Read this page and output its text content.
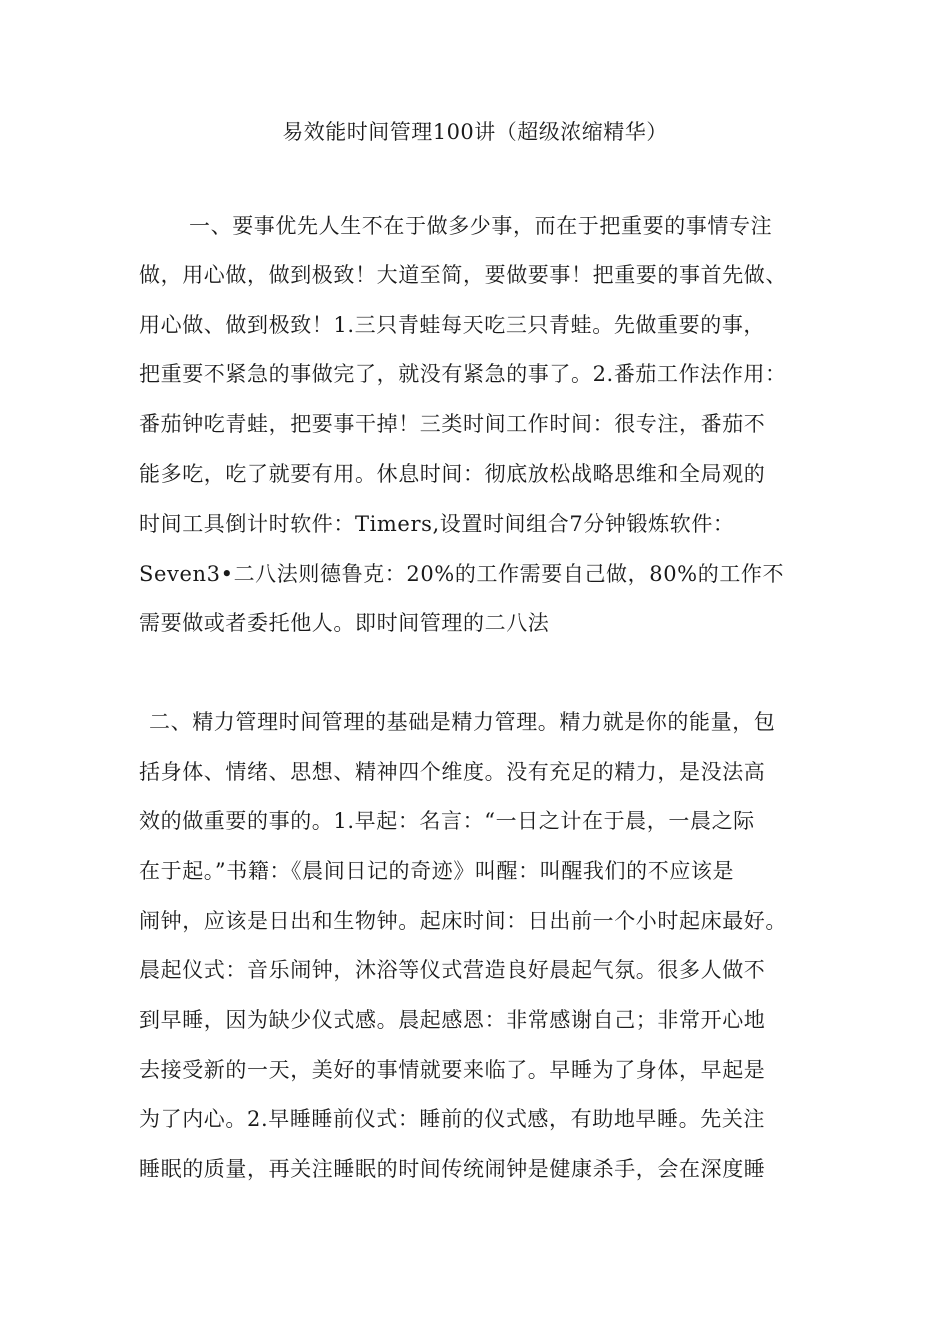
易效能时间管理100讲（超级浓缩精华）
一、要事优先人生不在于做多少事，而在于把重要的事情专注
做，用心做，做到极致！大道至简，要做要事！把重要的事首先做、
用心做、做到极致！1.三只青蛙每天吃三只青蛙。先做重要的事，
把重要不紧急的事做完了，就没有紧急的事了。2.番茄工作法作用：
番茄钟吃青蛙，把要事干掉！三类时间工作时间：很专注，番茄不
能多吃，吃了就要有用。休息时间：彻底放松战略思维和全局观的
时间工具倒计时软件：Timers,设置时间组合7分钟锻炼软件：
Seven3•二八法则德鲁克：20%的工作需要自己做，80%的工作不
需要做或者委托他人。即时间管理的二八法
二、精力管理时间管理的基础是精力管理。精力就是你的能量，包
括身体、情绪、思想、精神四个维度。没有充足的精力，是没法高
效的做重要的事的。1.早起：名言：“一日之计在于晨，一晨之际
在于起。”书籍：《晨间日记的奇迹》叫醒：叫醒我们的不应该是
闹钟，应该是日出和生物钟。起床时间：日出前一个小时起床最好。
晨起仪式：音乐闹钟，沐浴等仪式营造良好晨起气氛。很多人做不
到早睡，因为缺少仪式感。晨起感恩：非常感谢自己；非常开心地
去接受新的一天，美好的事情就要来临了。早睡为了身体，早起是
为了内心。2.早睡睡前仪式：睡前的仪式感，有助地早睡。先关注
睡眠的质量，再关注睡眠的时间传统闹钟是健康杀手，会在深度睡
